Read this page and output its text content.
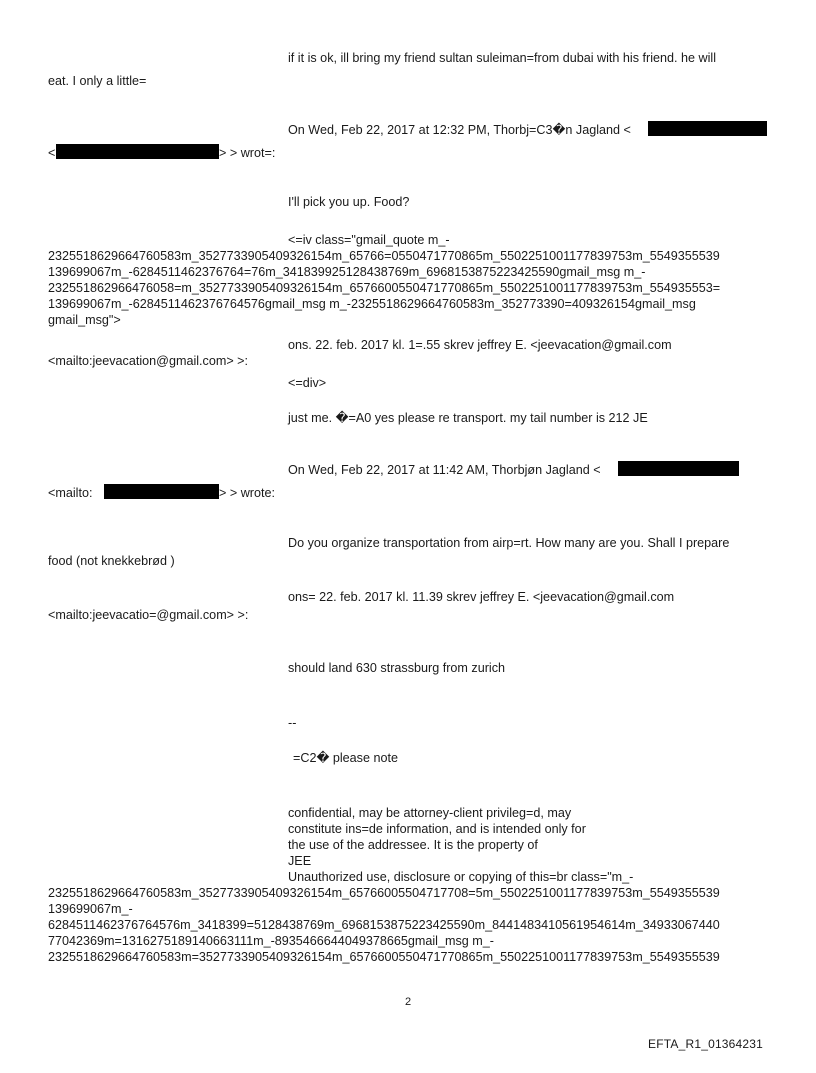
if it is ok, ill bring my friend sultan suleiman=from dubai with his friend. he will
eat. I only a little=
On Wed, Feb 22, 2017 at 12:32 PM, Thorbj=C3�n Jagland <
<	> > wrot=:
I'll pick you up. Food?
<=iv class="gmail_quote m_-
2325518629664760583m_3527733905409326154m_65766=0550471770865m_5502251001177839753m_5549355539
139699067m_-6284511462376764=76m_341839925128438769m_6968153875223425590gmail_msg m_-
232551862966476058=m_3527733905409326154m_6576600550471770865m_5502251001177839753m_554935553=
139699067m_-6284511462376764576gmail_msg m_-2325518629664760583m_352773390=409326154gmail_msg
gmail_msg">
ons. 22. feb. 2017 kl. 1=.55 skrev jeffrey E. <jeevacation@gmail.com
<mailto:jeevacation@gmail.com> >:
<=div>
just me. �=A0 yes please re transport. my tail number is 212 JE
On Wed, Feb 22, 2017 at 11:42 AM, Thorbjøn Jagland <
<mailto:	> > wrote:
Do you organize transportation from airp=rt. How many are you. Shall I prepare
food (not knekkebrød )
ons= 22. feb. 2017 kl. 11.39 skrev jeffrey E. <jeevacation@gmail.com
<mailto:jeevacatio=@gmail.com> >:
should land 630 strassburg from zurich
--
=C2� please note
confidential, may be attorney-client privileg=d, may
constitute ins=de information, and is intended only for
the use of the addressee. It is the property of
JEE
Unauthorized use, disclosure or copying of this=br class="m_-
2325518629664760583m_3527733905409326154m_65766005504717708=5m_5502251001177839753m_5549355539
139699067m_-
6284511462376764576m_3418399=5128438769m_6968153875223425590m_8441483410561954614m_34933067440
77042369m=1316275189140663111m_-8935466644049378665gmail_msg m_-
2325518629664760583m=3527733905409326154m_6576600550471770865m_5502251001177839753m_5549355539
2
EFTA_R1_01364231
